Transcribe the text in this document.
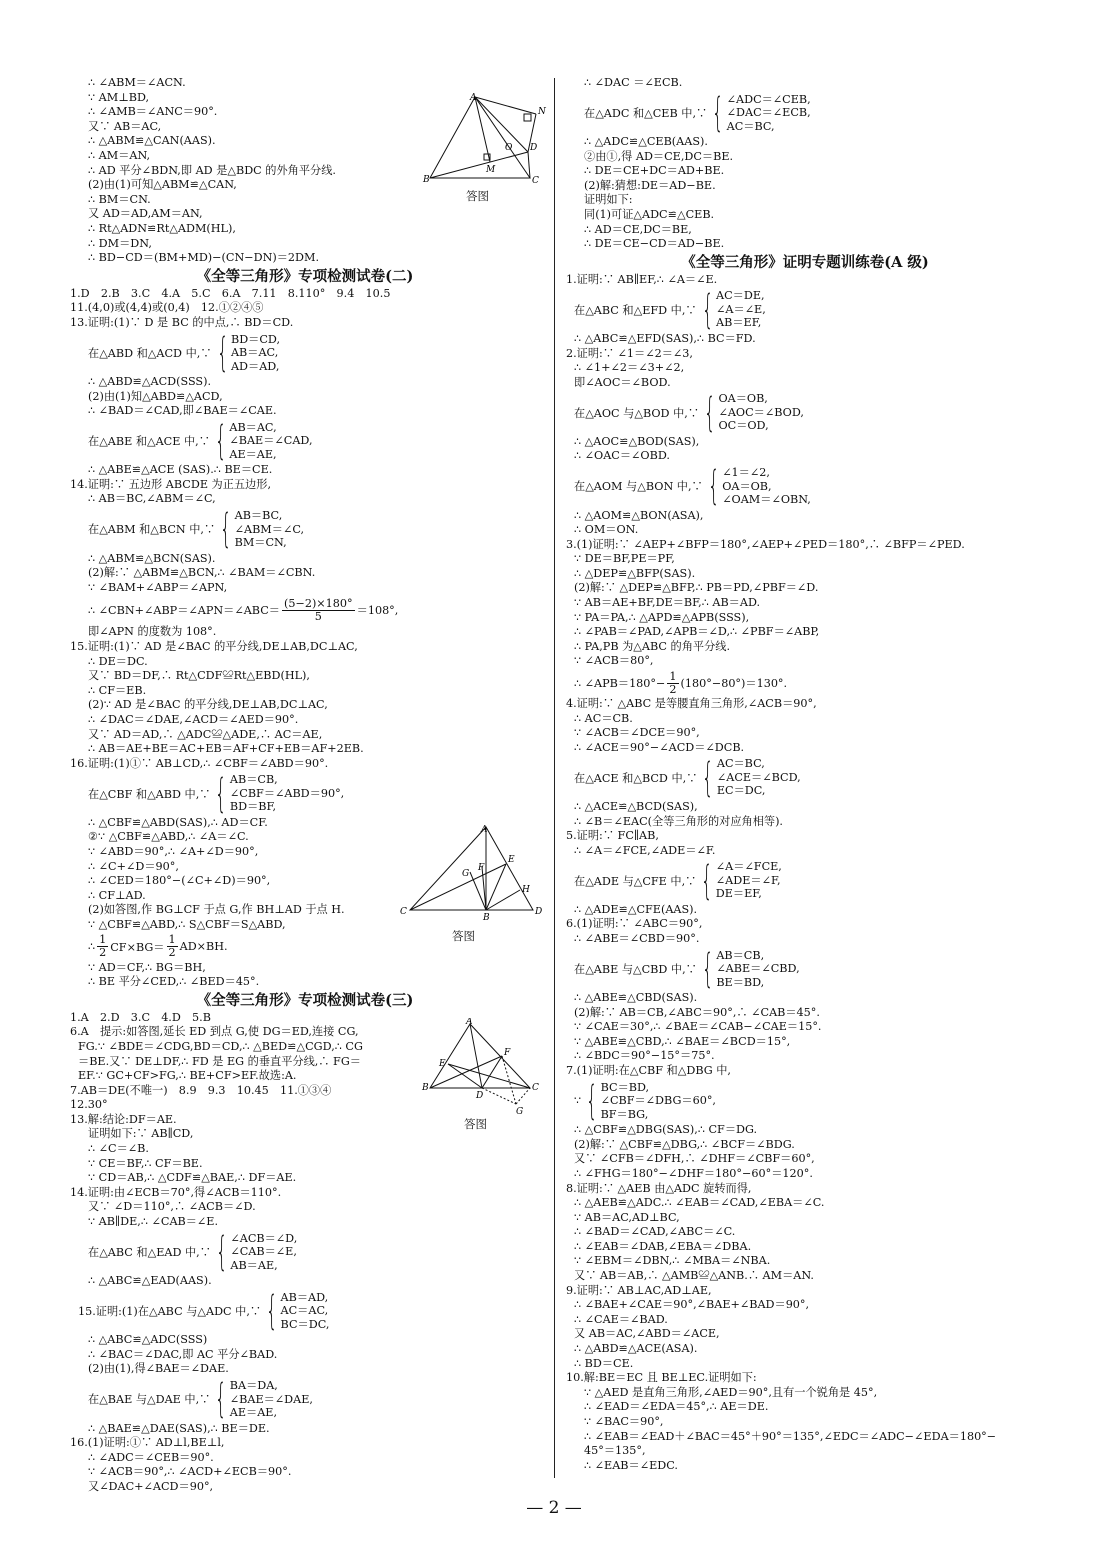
∴ ∠ABM＝∠ACN.
∵ AM⊥BD,
∴ ∠AMB＝∠ANC＝90°.
又∵ AB＝AC,
∴ △ABM≌△CAN(AAS).
∴ AM＝AN,
∴ AD 平分∠BDN,即 AD 是△BDC 的外角平分线.
(2)由(1)可知△ABM≌△CAN,
∴ BM＝CN.
又 AD＝AD,AM＝AN,
∴ Rt△ADN≌Rt△ADM(HL),
∴ DM＝DN,
∴ BD−CD＝(BM+MD)−(CN−DN)＝2DM.
《全等三角形》专项检测试卷(二)
1.D　2.B　3.C　4.A　5.C　6.A　7.11　8.110°　9.4　10.5
11.(4,0)或(4,4)或(0,4)　12.①②④⑤
13.证明:(1)∵ D 是 BC 的中点,∴ BD＝CD.
在△ABD 和△ACD 中,∵ { BD＝CD,
AB＝AC,
AD＝AD,
∴ △ABD≌△ACD(SSS).
(2)由(1)知△ABD≌△ACD,
∴ ∠BAD＝∠CAD,即∠BAE＝∠CAE.
在△ABE 和△ACE 中,∵ { AB＝AC,
∠BAE＝∠CAD,
AE＝AE,
∴ △ABE≌△ACE (SAS).∴ BE＝CE.
14.证明:∵ 五边形 ABCDE 为正五边形,
∴ AB＝BC,∠ABM＝∠C,
在△ABM 和△BCN 中,∵ { AB＝BC,
∠ABM＝∠C,
BM＝CN,
∴ △ABM≌△BCN(SAS).
(2)解:∵ △ABM≌△BCN,∴ ∠BAM＝∠CBN.
∵ ∠BAM+∠ABP＝∠APN,
∴ ∠CBN+∠ABP＝∠APN＝∠ABC＝ $\frac{(5-2)\times 180^\circ}{5} =108^\circ$,
即∠APN 的度数为 108°.
15.证明:(1)∵ AD 是∠BAC 的平分线,DE⊥AB,DC⊥AC,
∴ DE＝DC.
又∵ BD＝DF,∴ Rt△CDF≌Rt△EBD(HL),
∴ CF＝EB.
(2)∵ AD 是∠BAC 的平分线,DE⊥AB,DC⊥AC,
∴ ∠DAC＝∠DAE,∠ACD＝∠AED＝90°.
又∵ AD＝AD,∴ △ADC≌△ADE,∴ AC＝AE,
∴ AB＝AE+BE＝AC+EB＝AF+CF+EB＝AF+2EB.
16.证明:(1)①∵ AB⊥CD,∴ ∠CBF＝∠ABD＝90°.
在△CBF 和△ABD 中,∵ { AB＝CB,
∠CBF＝∠ABD＝90°,
BD＝BF,
∴ △CBF≌△ABD(SAS),∴ AD＝CF.
②∵ △CBF≌△ABD,∴ ∠A＝∠C.
∵ ∠ABD＝90°,∴ ∠A+∠D＝90°,
∴ ∠C+∠D＝90°,
∴ ∠CED＝180°−(∠C+∠D)＝90°,
∴ CF⊥AD.
(2)如答图,作 BG⊥CF 于点 G,作 BH⊥AD 于点 H.
∵ △CBF≌△ABD,∴ S△CBF＝S△ABD,
∴ $\frac{1}{2} CF\times BG= \frac{1}{2} AD\times BH$.
∵ AD＝CF,∴ BG＝BH,
∴ BE 平分∠CED,∴ ∠BED＝45°.
《全等三角形》专项检测试卷(三)
1.A　2.D　3.C　4.D　5.B
6.A　提示:如答图,延长 ED 到点 G,使 DG＝ED,连接 CG,
FG.∵ ∠BDE＝∠CDG,BD＝CD,∴ △BED≌△CGD,∴ CG
＝BE.又∵ DE⊥DF,∴ FD 是 EG 的垂直平分线,∴ FG＝
EF.∵ GC+CF>FG,∴ BE+CF>EF.故选:A.
7.AB＝DE(不唯一)　8.9　9.3　10.45　11.①③④
12.30°
13.解:结论:DF＝AE.
证明如下:∵ AB∥CD,
∴ ∠C＝∠B.
∵ CE＝BF,∴ CF＝BE.
∵ CD＝AB,∴ △CDF≌△BAE,∴ DF＝AE.
14.证明:由∠ECB＝70°,得∠ACB＝110°.
又∵ ∠D＝110°,∴ ∠ACB＝∠D.
∵ AB∥DE,∴ ∠CAB＝∠E.
在△ABC 和△EAD 中,∵ { ∠ACB＝∠D,
∠CAB＝∠E,
AB＝AE,
∴ △ABC≌△EAD(AAS).
15.证明:(1)在△ABC 与△ADC 中,∵ { AB＝AD,
AC＝AC,
BC＝DC,
∴ △ABC≌△ADC(SSS)
∴ ∠BAC＝∠DAC,即 AC 平分∠BAD.
(2)由(1),得∠BAE＝∠DAE.
在△BAE 与△DAE 中,∵ { BA＝DA,
∠BAE＝∠DAE,
AE＝AE,
∴ △BAE≌△DAE(SAS),∴ BE＝DE.
16.(1)证明:①∵ AD⊥l,BE⊥l,
∴ ∠ADC＝∠CEB＝90°.
∵ ∠ACB＝90°,∴ ∠ACD+∠ECB＝90°.
又∠DAC+∠ACD＝90°,
A
N
D
O
M
B	C
答图
A
E
F
G
H
C
B
D
答图
A
F
E
B
D
C
G
答图
∴ ∠DAC ＝∠ECB.
在△ADC 和△CEB 中,∵ { ∠ADC＝∠CEB,
∠DAC＝∠ECB,
AC＝BC,
∴ △ADC≌△CEB(AAS).
②由①,得 AD＝CE,DC＝BE.
∴ DE＝CE+DC＝AD+BE.
(2)解:猜想:DE＝AD−BE.
证明如下:
同(1)可证△ADC≌△CEB.
∴ AD＝CE,DC＝BE,
∴ DE＝CE−CD＝AD−BE.
《全等三角形》证明专题训练卷(A 级)
1.证明:∵ AB∥EF,∴ ∠A＝∠E.
在△ABC 和△EFD 中,∵ { AC＝DE,
∠A＝∠E,
AB＝EF,
∴ △ABC≌△EFD(SAS),∴ BC＝FD.
2.证明:∵ ∠1＝∠2＝∠3,
∴ ∠1+∠2＝∠3+∠2,
即∠AOC＝∠BOD.
在△AOC 与△BOD 中,∵ { OA＝OB,
∠AOC＝∠BOD,
OC＝OD,
∴ △AOC≌△BOD(SAS),
∴ ∠OAC＝∠OBD.
在△AOM 与△BON 中,∵ { ∠1＝∠2,
OA＝OB,
∠OAM＝∠OBN,
∴ △AOM≌△BON(ASA),
∴ OM＝ON.
3.(1)证明:∵ ∠AEP+∠BFP＝180°,∠AEP+∠PED＝180°,∴ ∠BFP＝∠PED.
∵ DE＝BF,PE＝PF,
∴ △DEP≌△BFP(SAS).
(2)解:∵ △DEP≌△BFP,∴ PB＝PD,∠PBF＝∠D.
∵ AB＝AE+BF,DE＝BF,∴ AB＝AD.
∵ PA＝PA,∴ △APD≌△APB(SSS),
∴ ∠PAB＝∠PAD,∠APB＝∠D,∴ ∠PBF＝∠ABP,
∴ PA,PB 为△ABC 的角平分线.
∵ ∠ACB＝80°,
∴ ∠APB＝180°− $\frac{1}{2} (180^\circ-80^\circ)=130^\circ$.
4.证明:∵ △ABC 是等腰直角三角形,∠ACB＝90°,
∴ AC＝CB.
∵ ∠ACB＝∠DCE＝90°,
∴ ∠ACE＝90°−∠ACD＝∠DCB.
在△ACE 和△BCD 中,∵ { AC＝BC,
∠ACE＝∠BCD,
EC＝DC,
∴ △ACE≌△BCD(SAS),
∴ ∠B＝∠EAC(全等三角形的对应角相等).
5.证明:∵ FC∥AB,
∴ ∠A＝∠FCE,∠ADE＝∠F.
在△ADE 与△CFE 中,∵ { ∠A＝∠FCE,
∠ADE＝∠F,
DE＝EF,
∴ △ADE≌△CFE(AAS).
6.(1)证明:∵ ∠ABC＝90°,
∴ ∠ABE＝∠CBD＝90°.
在△ABE 与△CBD 中,∵ { AB＝CB,
∠ABE＝∠CBD,
BE＝BD,
∴ △ABE≌△CBD(SAS).
(2)解:∵ AB＝CB,∠ABC＝90°,∴ ∠CAB＝45°.
∵ ∠CAE＝30°,∴ ∠BAE＝∠CAB−∠CAE＝15°.
∵ △ABE≌△CBD,∴ ∠BAE＝∠BCD＝15°,
∴ ∠BDC＝90°−15°＝75°.
7.(1)证明:在△CBF 和△DBG 中,
∵ { BC＝BD,
∠CBF＝∠DBG＝60°,
BF＝BG,
∴ △CBF≌△DBG(SAS),∴ CF＝DG.
(2)解:∵ △CBF≌△DBG,∴ ∠BCF＝∠BDG.
又∵ ∠CFB＝∠DFH,∴ ∠DHF＝∠CBF＝60°,
∴ ∠FHG＝180°−∠DHF＝180°−60°＝120°.
8.证明:∵ △AEB 由△ADC 旋转而得,
∴ △AEB≌△ADC.∴ ∠EAB＝∠CAD,∠EBA＝∠C.
∵ AB＝AC,AD⊥BC,
∴ ∠BAD＝∠CAD,∠ABC＝∠C.
∴ ∠EAB＝∠DAB,∠EBA＝∠DBA.
∵ ∠EBM＝∠DBN,∴ ∠MBA＝∠NBA.
又∵ AB＝AB,∴ △AMB≌△ANB.∴ AM＝AN.
9.证明:∵ AB⊥AC,AD⊥AE,
∴ ∠BAE+∠CAE＝90°,∠BAE+∠BAD＝90°,
∴ ∠CAE＝∠BAD.
又 AB＝AC,∠ABD＝∠ACE,
∴ △ABD≌△ACE(ASA).
∴ BD＝CE.
10.解:BE＝EC 且 BE⊥EC.证明如下:
∵ △AED 是直角三角形,∠AED＝90°,且有一个锐角是 45°,
∴ ∠EAD＝∠EDA＝45°,∴ AE＝DE.
∵ ∠BAC＝90°,
∴ ∠EAB＝∠EAD＋∠BAC＝45°＋90°＝135°,∠EDC＝∠ADC−∠EDA＝180°−
45°＝135°,
∴ ∠EAB＝∠EDC.
— 2 —
